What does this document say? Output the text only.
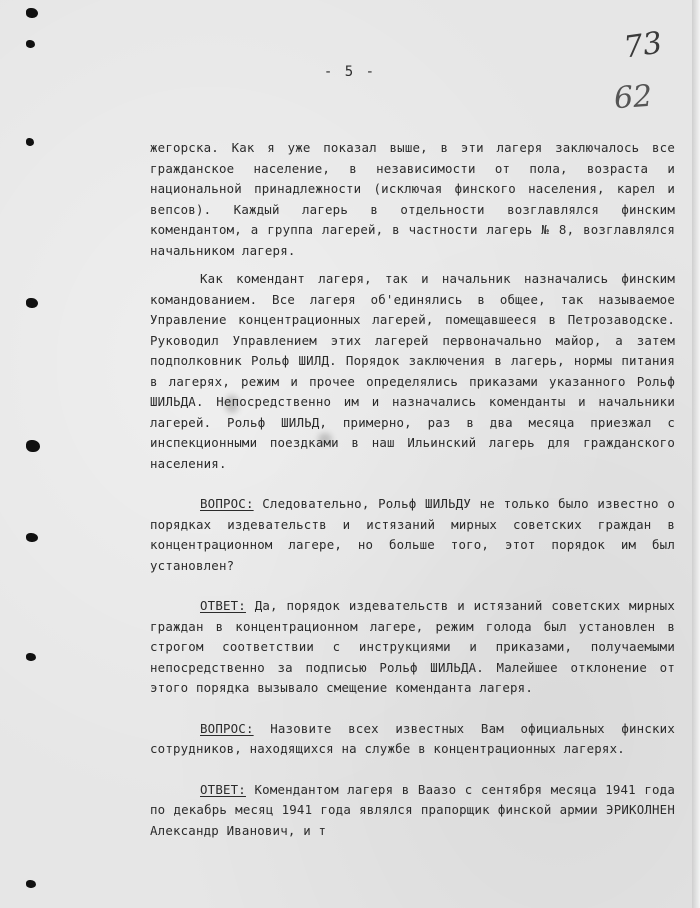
73
62
- 5 -

жегорска. Как я уже показал выше, в эти лагеря заключалось все гражданское население, в независимости от пола, возраста и национальной принадлежности (исключая финского населения, карел и вепсов). Каждый лагерь в отдельности возглавлялся финским комендантом, а группа лагерей, в частности лагерь № 8, возглавлялся начальником лагеря.

Как комендант лагеря, так и начальник назначались финским командованием. Все лагеря об'единялись в общее, так называемое Управление концентрационных лагерей, помещавшееся в Петрозаводске. Руководил Управлением этих лагерей первоначально майор, а затем подполковник Рольф ШИЛД. Порядок заключения в лагерь, нормы питания в лагерях, режим и прочее определялись приказами указанного Рольф ШИЛЬДА. Непосредственно им и назначались коменданты и начальники лагерей. Рольф ШИЛЬД, примерно, раз в два месяца приезжал с инспекционными поездками в наш Ильинский лагерь для гражданского населения.

ВОПРОС: Следовательно, Рольф ШИЛЬДУ не только было известно о порядках издевательств и истязаний мирных советских граждан в концентрационном лагере, но больше того, этот порядок им был установлен?

ОТВЕТ: Да, порядок издевательств и истязаний советских мирных граждан в концентрационном лагере, режим голода был установлен в строгом соответствии с инструкциями и приказами, получаемыми непосредственно за подписью Рольф ШИЛЬДА. Малейшее отклонение от этого порядка вызывало смещение коменданта лагеря.

ВОПРОС: Назовите всех известных Вам официальных финских сотрудников, находящихся на службе в концентрационных лагерях.

ОТВЕТ: Комендантом лагеря в Ваазо с сентября месяца 1941 года по декабрь месяц 1941 года являлся прапорщик финской армии ЭРИКОЛНЕН Александр Иванович, и т
